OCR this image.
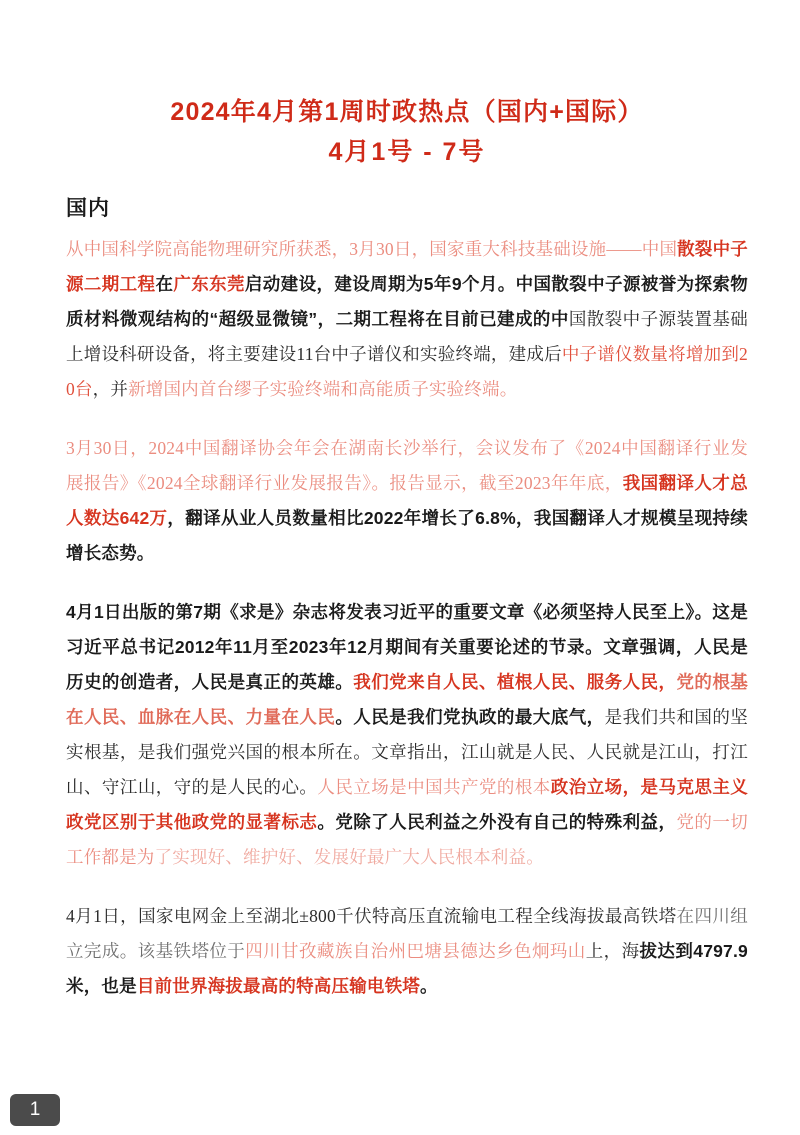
2024年4月第1周时政热点（国内+国际）
4月1号 - 7号
国内

从中国科学院高能物理研究所获悉，3月30日，国家重大科技基础设施——中国散裂中子源二期工程在广东东莞启动建设，建设周期为5年9个月。中国散裂中子源被誉为探索物质材料微观结构的“超级显微镜”，二期工程将在目前已建成的中国散裂中子源装置基础上增设科研设备，将主要建设11台中子谱仪和实验终端，建成后中子谱仪数量将增加到20台，并新增国内首台缪子实验终端和高能质子实验终端。

3月30日，2024中国翻译协会年会在湖南长沙举行，会议发布了《2024中国翻译行业发展报告》《2024全球翻译行业发展报告》。报告显示，截至2023年年底，我国翻译人才总人数达642万，翻译从业人员数量相比2022年增长了6.8%，我国翻译人才规模呈现持续增长态势。

4月1日出版的第7期《求是》杂志将发表习近平的重要文章《必须坚持人民至上》。这是习近平总书记2012年11月至2023年12月期间有关重要论述的节录。文章强调，人民是历史的创造者，人民是真正的英雄。我们党来自人民、植根人民、服务人民，党的根基在人民、血脉在人民、力量在人民。人民是我们党执政的最大底气，是我们共和国的坚实根基，是我们强党兴国的根本所在。文章指出，江山就是人民、人民就是江山，打江山、守江山，守的是人民的心。人民立场是中国共产党的根本政治立场，是马克思主义政党区别于其他政党的显著标志。党除了人民利益之外没有自己的特殊利益，党的一切工作都是为了实现好、维护好、发展好最广大人民根本利益。

4月1日，国家电网金上至湖北±800千伏特高压直流输电工程全线海拔最高铁塔在四川组立完成。该基铁塔位于四川甘孜藏族自治州巴塘县德达乡色炯玛山上，海拔达到4797.9米，也是目前世界海拔最高的特高压输电铁塔。

1
